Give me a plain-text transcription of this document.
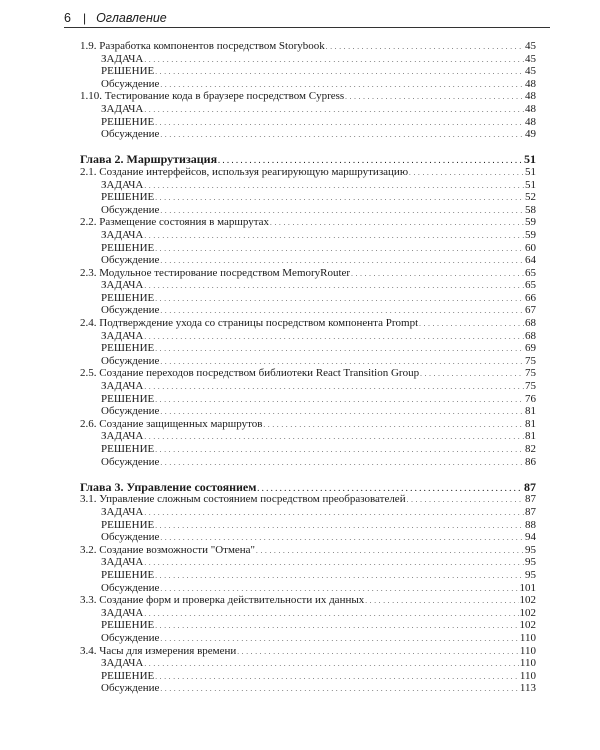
6 | Оглавление
1.9. Разработка компонентов посредством Storybook . . .	45
ЗАДАЧА . . .	45
РЕШЕНИЕ . . .	45
Обсуждение . . .	48
1.10. Тестирование кода в браузере посредством Cypress . . .	48
ЗАДАЧА . . .	48
РЕШЕНИЕ . . .	48
Обсуждение . . .	49
Глава 2. Маршрутизация . . .	51
2.1. Создание интерфейсов, используя реагирующую маршрутизацию . . .	51
ЗАДАЧА . . .	51
РЕШЕНИЕ . . .	52
Обсуждение . . .	58
2.2. Размещение состояния в маршрутах . . .	59
ЗАДАЧА . . .	59
РЕШЕНИЕ . . .	60
Обсуждение . . .	64
2.3. Модульное тестирование посредством MemoryRouter . . .	65
ЗАДАЧА . . .	65
РЕШЕНИЕ . . .	66
Обсуждение . . .	67
2.4. Подтверждение ухода со страницы посредством компонента Prompt . . .	68
ЗАДАЧА . . .	68
РЕШЕНИЕ . . .	69
Обсуждение . . .	75
2.5. Создание переходов посредством библиотеки React Transition Group . . .	75
ЗАДАЧА . . .	75
РЕШЕНИЕ . . .	76
Обсуждение . . .	81
2.6. Создание защищенных маршрутов . . .	81
ЗАДАЧА . . .	81
РЕШЕНИЕ . . .	82
Обсуждение . . .	86
Глава 3. Управление состоянием . . .	87
3.1. Управление сложным состоянием посредством преобразователей . . .	87
ЗАДАЧА . . .	87
РЕШЕНИЕ . . .	88
Обсуждение . . .	94
3.2. Создание возможности "Отмена" . . .	95
ЗАДАЧА . . .	95
РЕШЕНИЕ . . .	95
Обсуждение . . .	101
3.3. Создание форм и проверка действительности их данных . . .	102
ЗАДАЧА . . .	102
РЕШЕНИЕ . . .	102
Обсуждение . . .	110
3.4. Часы для измерения времени . . .	110
ЗАДАЧА . . .	110
РЕШЕНИЕ . . .	110
Обсуждение . . .	113
